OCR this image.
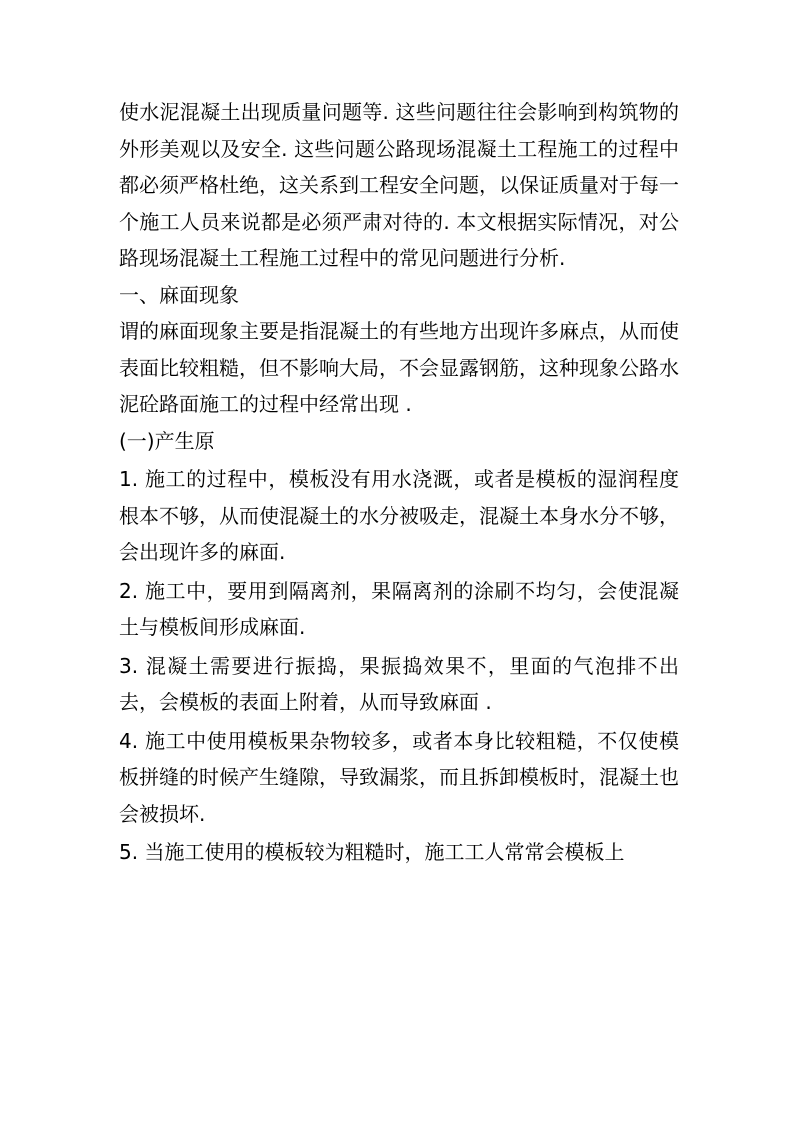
使水泥混凝土出现质量问题等. 这些问题往往会影响到构筑物的外形美观以及安全. 这些问题公路现场混凝土工程施工的过程中都必须严格杜绝，这关系到工程安全问题，以保证质量对于每一个施工人员来说都是必须严肃对待的. 本文根据实际情况，对公路现场混凝土工程施工过程中的常见问题进行分析.

一、麻面现象

谓的麻面现象主要是指混凝土的有些地方出现许多麻点，从而使表面比较粗糙，但不影响大局，不会显露钢筋，这种现象公路水泥砼路面施工的过程中经常出现 .

(一)产生原

1. 施工的过程中，模板没有用水浇溉，或者是模板的湿润程度根本不够，从而使混凝土的水分被吸走，混凝土本身水分不够，会出现许多的麻面.

2. 施工中，要用到隔离剂，果隔离剂的涂刷不均匀，会使混凝土与模板间形成麻面.

3. 混凝土需要进行振捣，果振捣效果不，里面的气泡排不出去，会模板的表面上附着，从而导致麻面 .

4. 施工中使用模板果杂物较多，或者本身比较粗糙，不仅使模板拼缝的时候产生缝隙，导致漏浆，而且拆卸模板时，混凝土也会被损坏.

5. 当施工使用的模板较为粗糙时，施工工人常常会模板上
